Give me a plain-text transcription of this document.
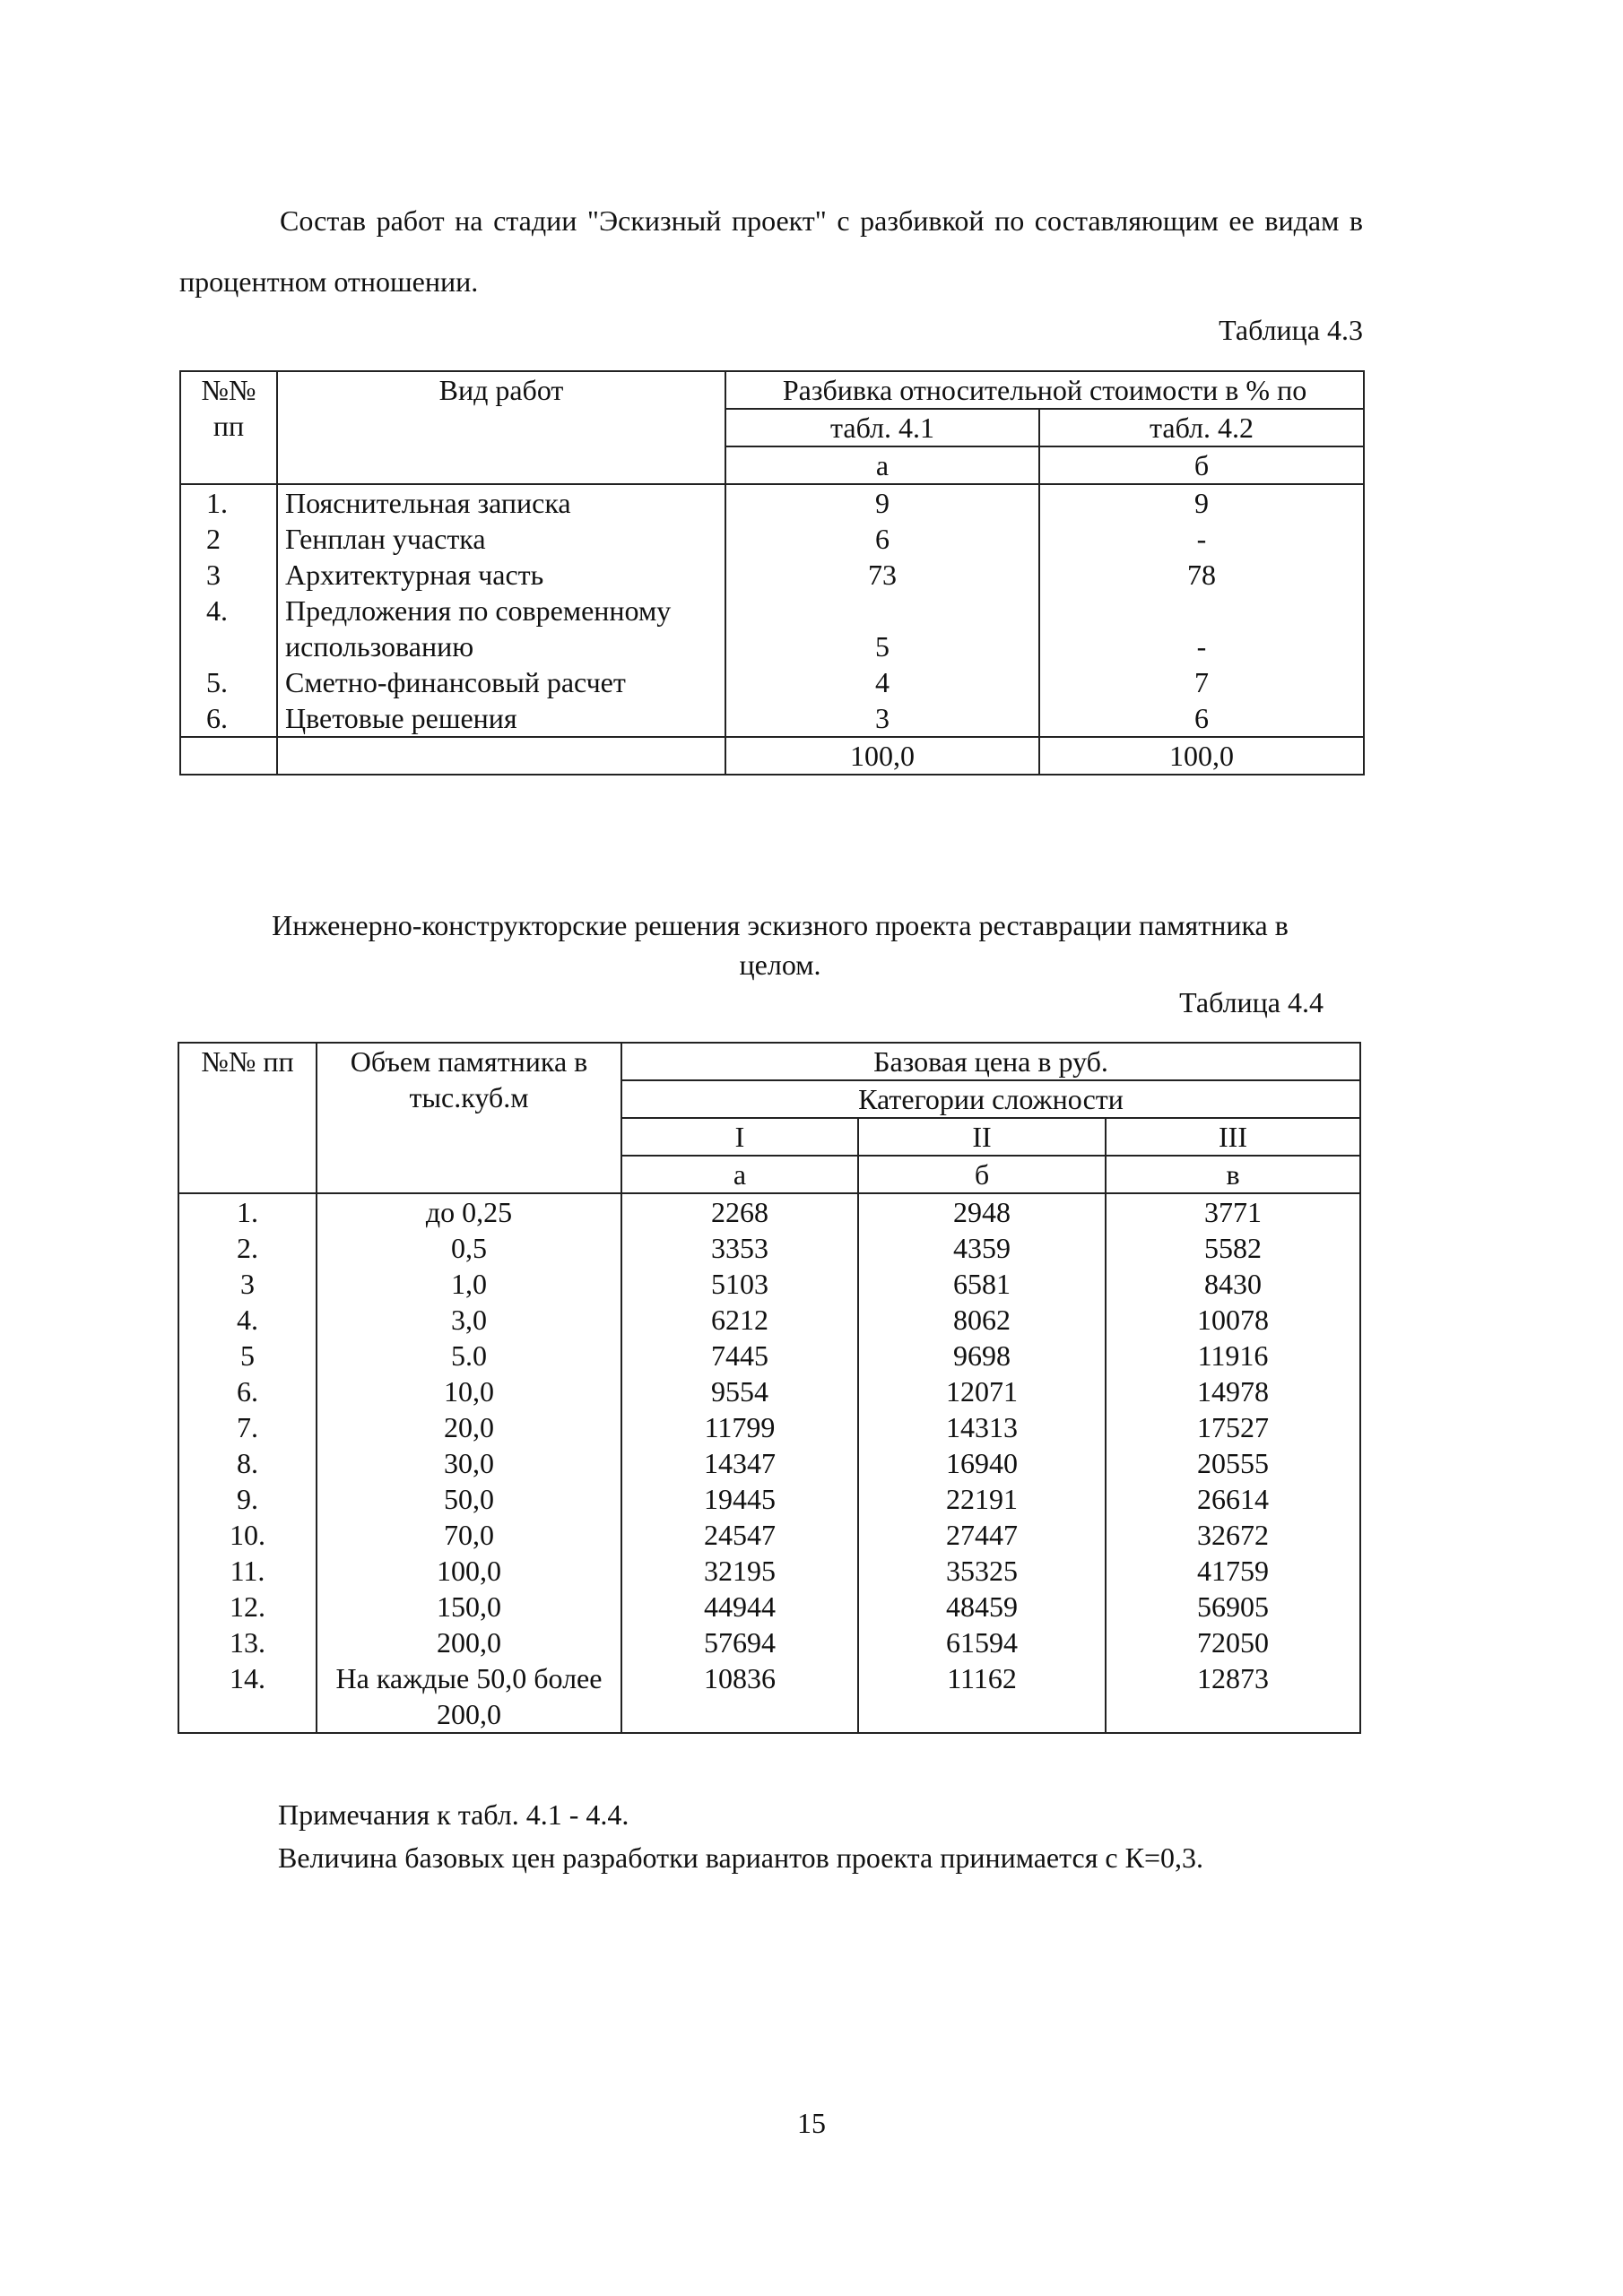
Состав работ на стадии "Эскизный проект" с разбивкой по составляющим ее видам в процентном отношении.

Таблица 4.3

№№ пп	Вид работ	Разбивка относительной стоимости в % по	
		табл. 4.1	табл. 4.2
		а	б
1.	Пояснительная записка	9	9
2	Генплан участка	6	-
3	Архитектурная часть	73	78
4.	Предложения по современному использованию	5	-
5.	Сметно-финансовый расчет	4	7
6.	Цветовые решения	3	6
		100,0	100,0

Инженерно-конструкторские решения эскизного проекта реставрации памятника в целом.

Таблица 4.4

№№ пп	Объем памятника в тыс.куб.м	Базовая цена в руб.		
		Категории сложности		
		I	II	III
		а	б	в
1.	до 0,25	2268	2948	3771
2.	0,5	3353	4359	5582
3	1,0	5103	6581	8430
4.	3,0	6212	8062	10078
5	5.0	7445	9698	11916
6.	10,0	9554	12071	14978
7.	20,0	11799	14313	17527
8.	30,0	14347	16940	20555
9.	50,0	19445	22191	26614
10.	70,0	24547	27447	32672
11.	100,0	32195	35325	41759
12.	150,0	44944	48459	56905
13.	200,0	57694	61594	72050
14.	На каждые 50,0 более 200,0	10836	11162	12873
Примечания к табл. 4.1 - 4.4.
Величина базовых цен разработки вариантов проекта принимается с К=0,3.

15
